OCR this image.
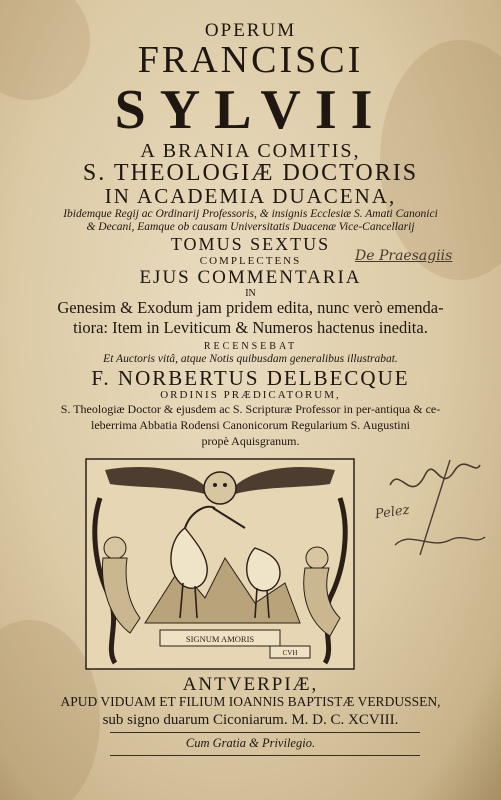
OPERUM
FRANCISCI
SYLVII
A BRANIA COMITIS,
S. THEOLOGIÆ DOCTORIS
IN ACADEMIA DUACENA,
Ibidemque Regij ac Ordinarij Professoris, & insignis Ecclesiæ S. Amati Canonici
& Decani, Eamque ob causam Universitatis Duacenæ Vice-Cancellarij
TOMUS SEXTUS
COMPLECTENS
EJUS COMMENTARIA
IN
Genesim & Exodum jam pridem edita, nunc verò emenda-
tiora: Item in Leviticum & Numeros hactenus inedita.
RECENSEBAT
Et Auctoris vitâ, atque Notis quibusdam generalibus illustrabat.
F. NORBERTUS DELBECQUE
ORDINIS PRÆDICATORUM,
S. Theologiæ Doctor & ejusdem ac S. Scripturæ Professor in per-antiqua & ce-
leberrima Abbatia Rodensi Canonicorum Regularium S. Augustini
propè Aquisgranum.
De Praesagiis
Pelez
SIGNUM AMORIS
CVH
ANTVERPIÆ,
APUD VIDUAM ET FILIUM IOANNIS BAPTISTÆ VERDUSSEN,
sub signo duarum Ciconiarum. M. D. C. XCVIII.
Cum Gratia & Privilegio.
